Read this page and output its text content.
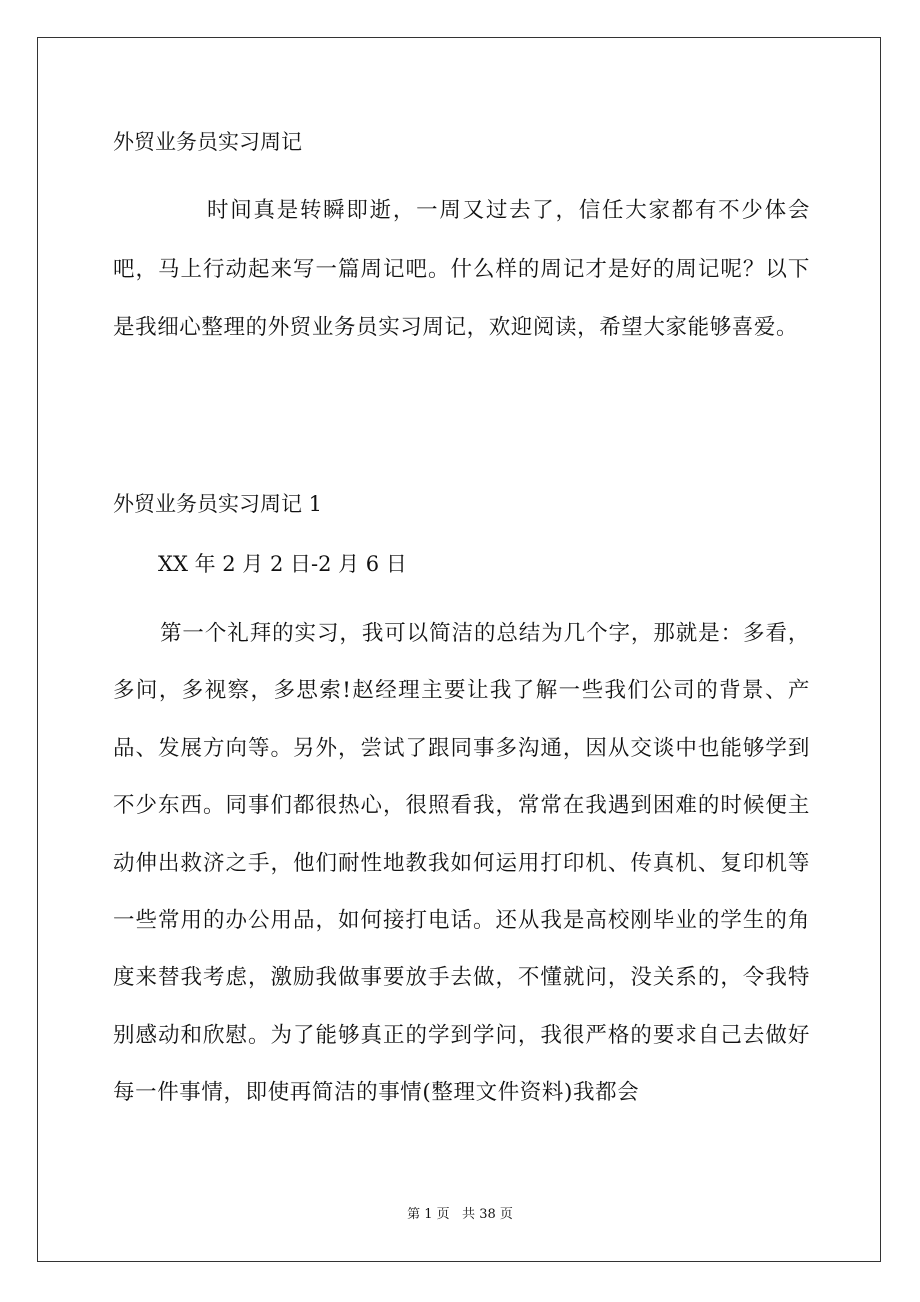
外贸业务员实习周记

时间真是转瞬即逝，一周又过去了，信任大家都有不少体会吧，马上行动起来写一篇周记吧。什么样的周记才是好的周记呢？以下是我细心整理的外贸业务员实习周记，欢迎阅读，希望大家能够喜爱。

外贸业务员实习周记 1
XX 年 2 月 2 日-2 月 6 日

第一个礼拜的实习，我可以简洁的总结为几个字，那就是：多看，多问，多视察，多思索!赵经理主要让我了解一些我们公司的背景、产品、发展方向等。另外，尝试了跟同事多沟通，因从交谈中也能够学到不少东西。同事们都很热心，很照看我，常常在我遇到困难的时候便主动伸出救济之手，他们耐性地教我如何运用打印机、传真机、复印机等一些常用的办公用品，如何接打电话。还从我是高校刚毕业的学生的角度来替我考虑，激励我做事要放手去做，不懂就问，没关系的，令我特别感动和欣慰。为了能够真正的学到学问，我很严格的要求自己去做好每一件事情，即使再简洁的事情(整理文件资料)我都会

第 1 页   共 38 页
